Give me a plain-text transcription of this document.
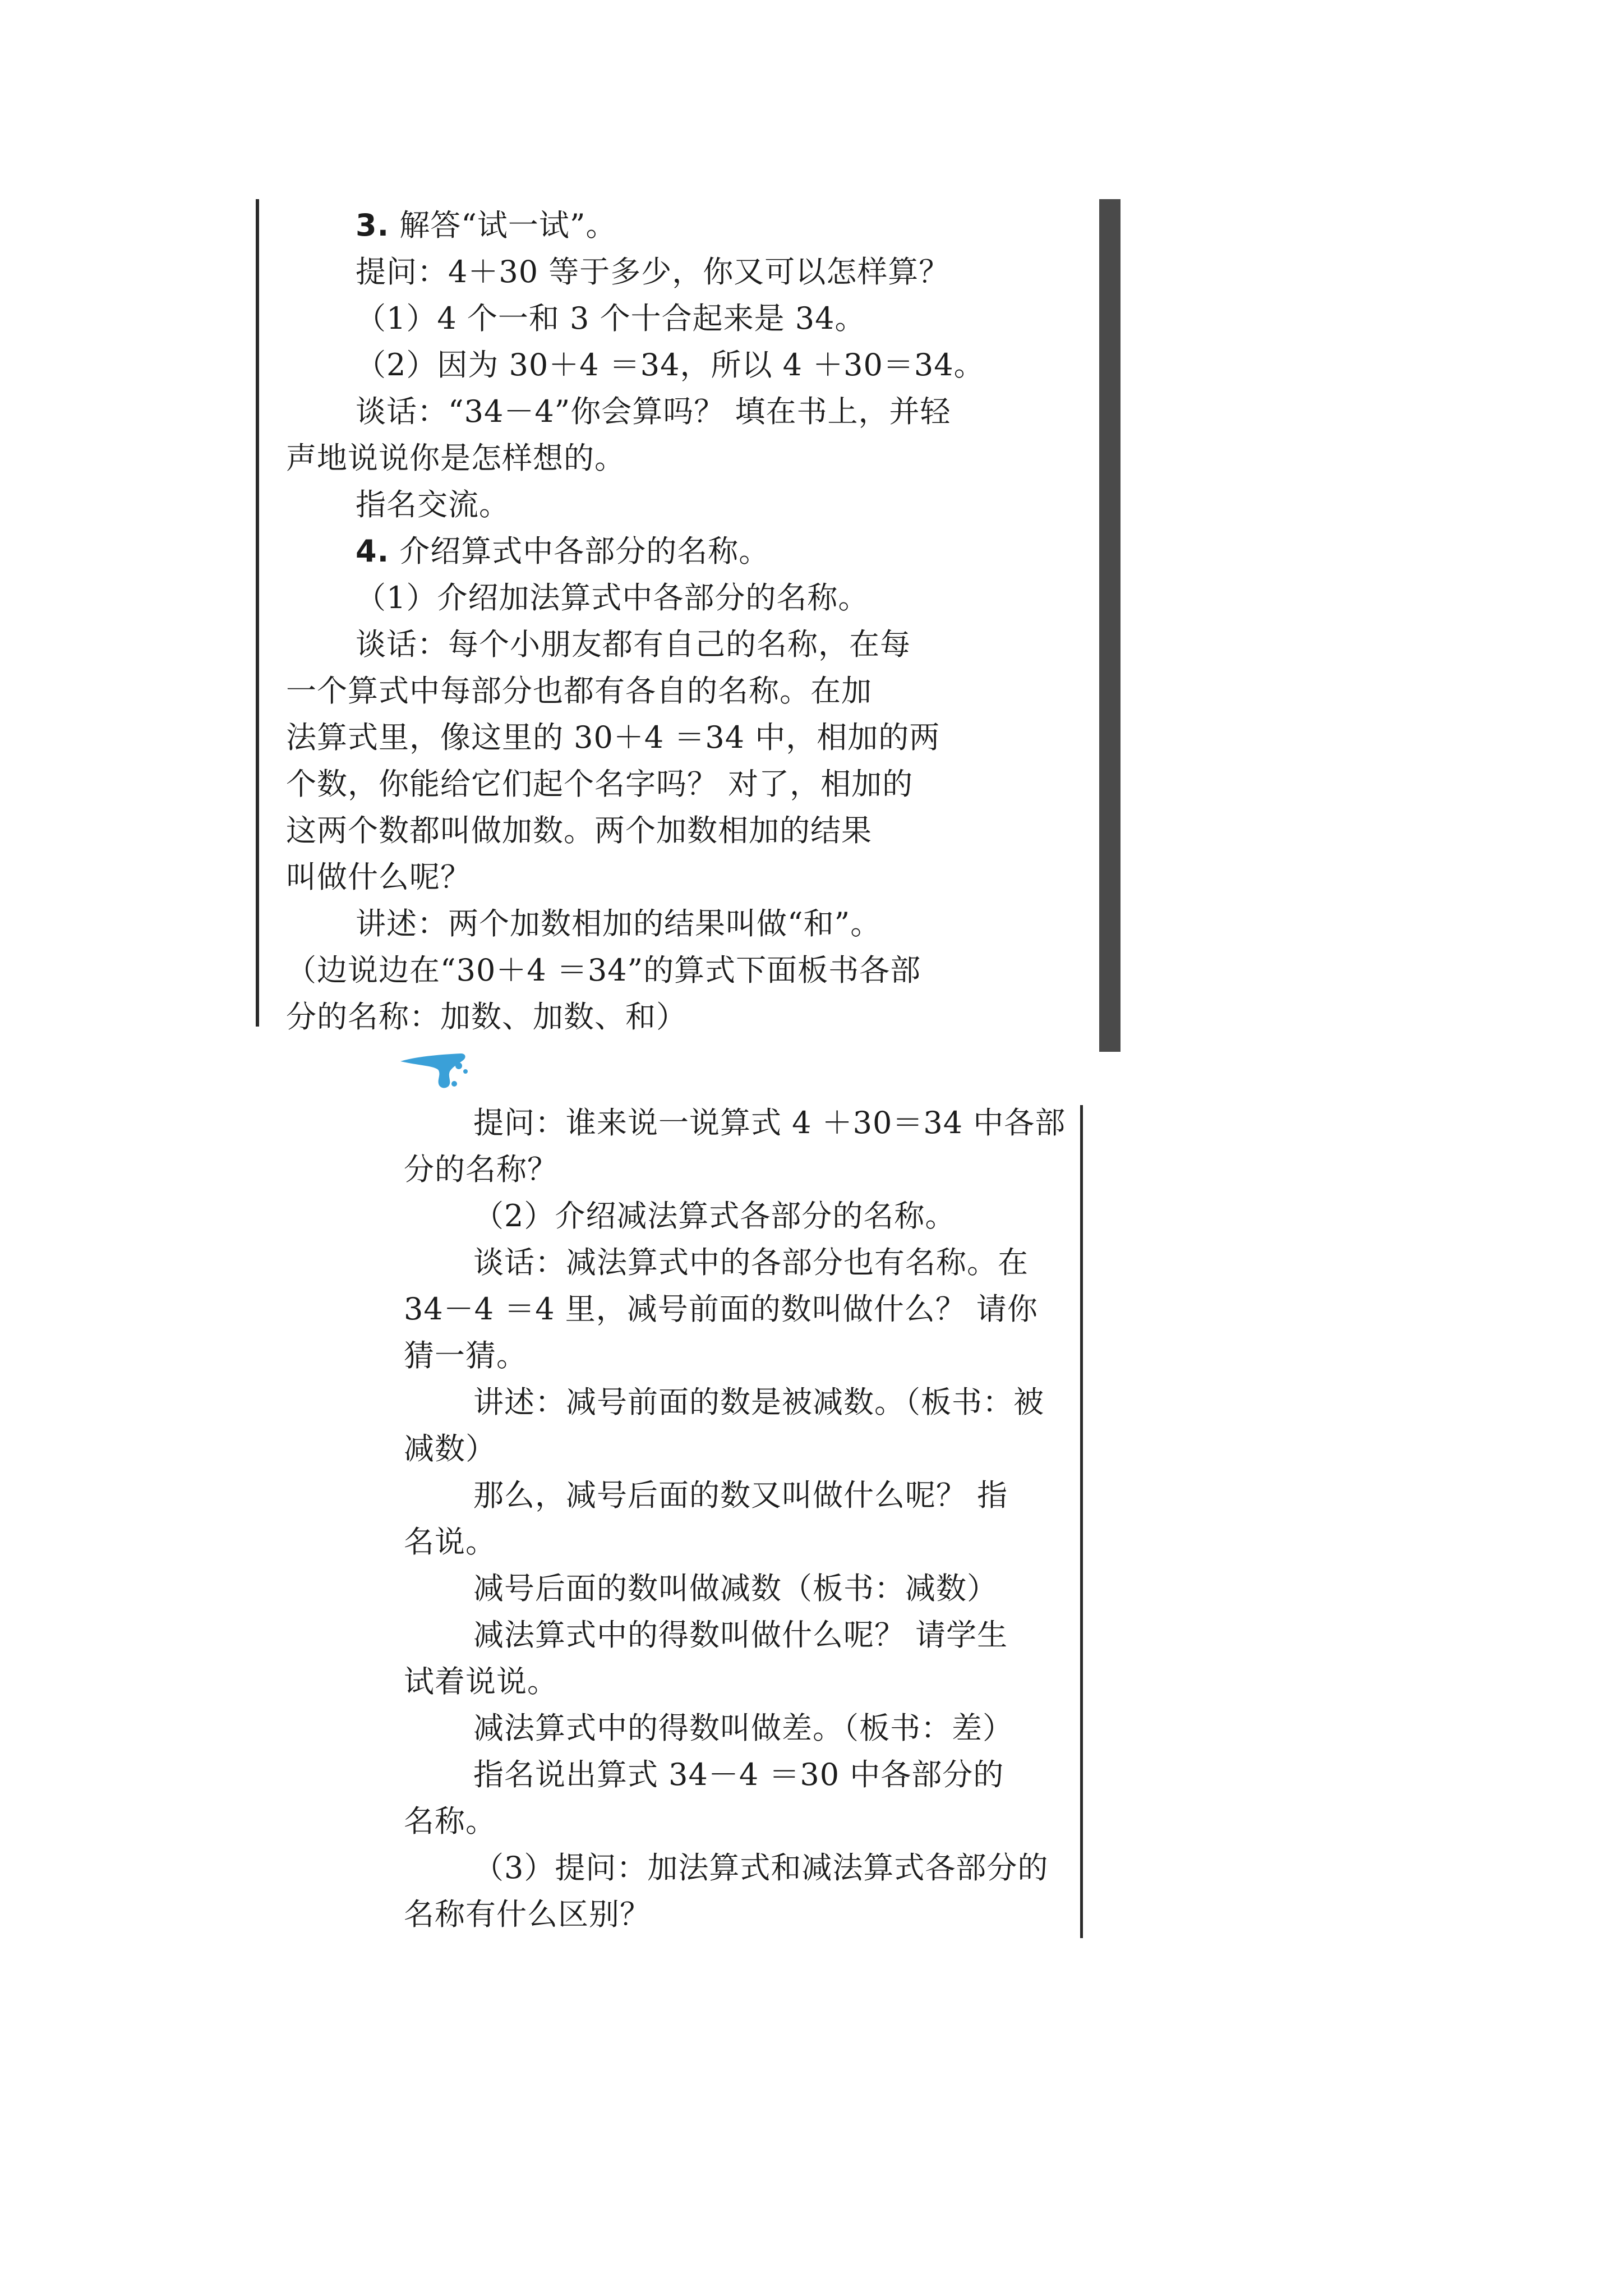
3. 解答“试一试”。
提问：4＋30 等于多少，你又可以怎样算？
（1）4 个一和 3 个十合起来是 34。
（2）因为 30＋4 ＝34，所以 4 ＋30＝34。
谈话：“34－4”你会算吗？ 填在书上，并轻
声地说说你是怎样想的。
指名交流。
4. 介绍算式中各部分的名称。
（1）介绍加法算式中各部分的名称。
谈话：每个小朋友都有自己的名称，在每
一个算式中每部分也都有各自的名称。在加
法算式里，像这里的 30＋4 ＝34 中，相加的两
个数，你能给它们起个名字吗？ 对了，相加的
这两个数都叫做加数。两个加数相加的结果
叫做什么呢？
讲述：两个加数相加的结果叫做“和”。
（边说边在“30＋4 ＝34”的算式下面板书各部
分的名称：加数、加数、和）
提问：谁来说一说算式 4 ＋30＝34 中各部
分的名称？
（2）介绍减法算式各部分的名称。
谈话：减法算式中的各部分也有名称。在
34－4 ＝4 里，减号前面的数叫做什么？ 请你
猜一猜。
讲述：减号前面的数是被减数。（板书：被
减数）
那么，减号后面的数又叫做什么呢？ 指
名说。
减号后面的数叫做减数（板书：减数）
减法算式中的得数叫做什么呢？ 请学生
试着说说。
减法算式中的得数叫做差。（板书：差）
指名说出算式 34－4 ＝30 中各部分的
名称。
（3）提问：加法算式和减法算式各部分的
名称有什么区别？
